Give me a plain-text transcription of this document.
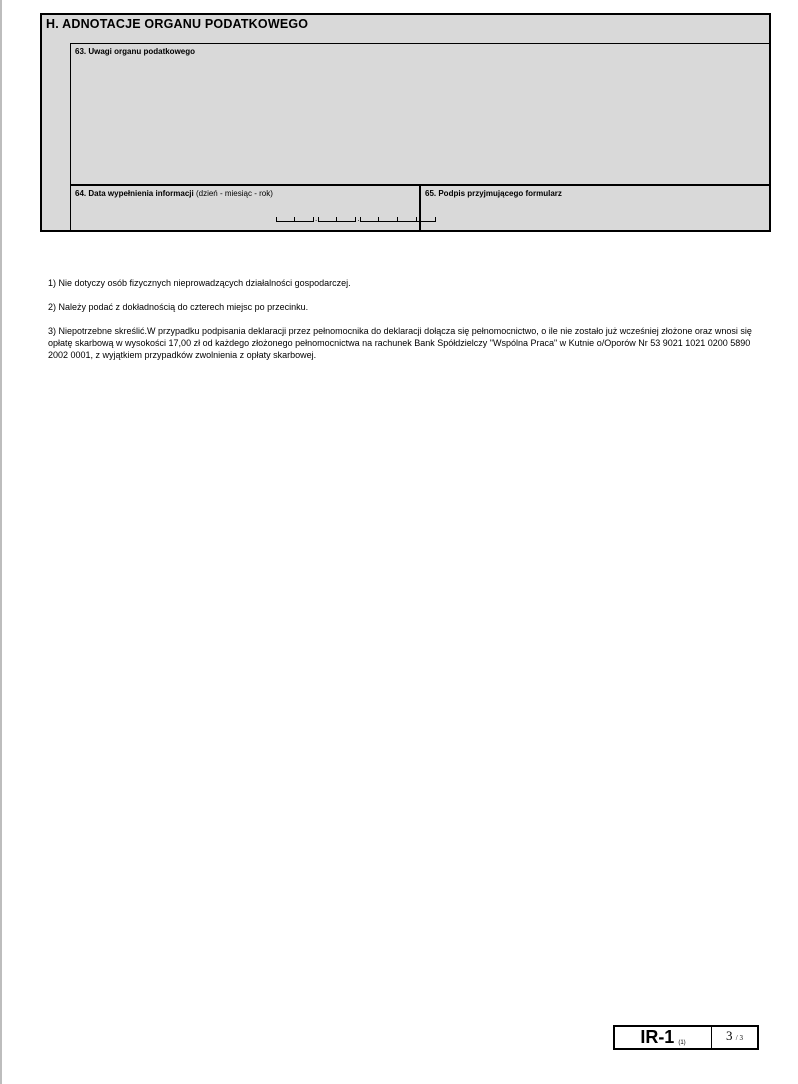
H. ADNOTACJE ORGANU PODATKOWEGO
63. Uwagi organu podatkowego
64. Data wypełnienia informacji (dzień - miesiąc - rok)
.	.
65. Podpis przyjmującego formularz

1) Nie dotyczy osób fizycznych nieprowadzących działalności gospodarczej.

2) Należy podać z dokładnością do czterech miejsc po przecinku.

3) Niepotrzebne skreślić.W przypadku podpisania deklaracji przez pełnomocnika do deklaracji dołącza się pełnomocnictwo, o ile nie zostało już wcześniej złożone oraz wnosi się opłatę skarbową w wysokości 17,00 zł od każdego złożonego pełnomocnictwa na rachunek Bank Spółdzielczy "Wspólna Praca" w Kutnie o/Oporów Nr 53 9021 1021 0200 5890 2002 0001, z wyjątkiem przypadków zwolnienia z opłaty skarbowej.

IR-1 (1)	3 / 3
